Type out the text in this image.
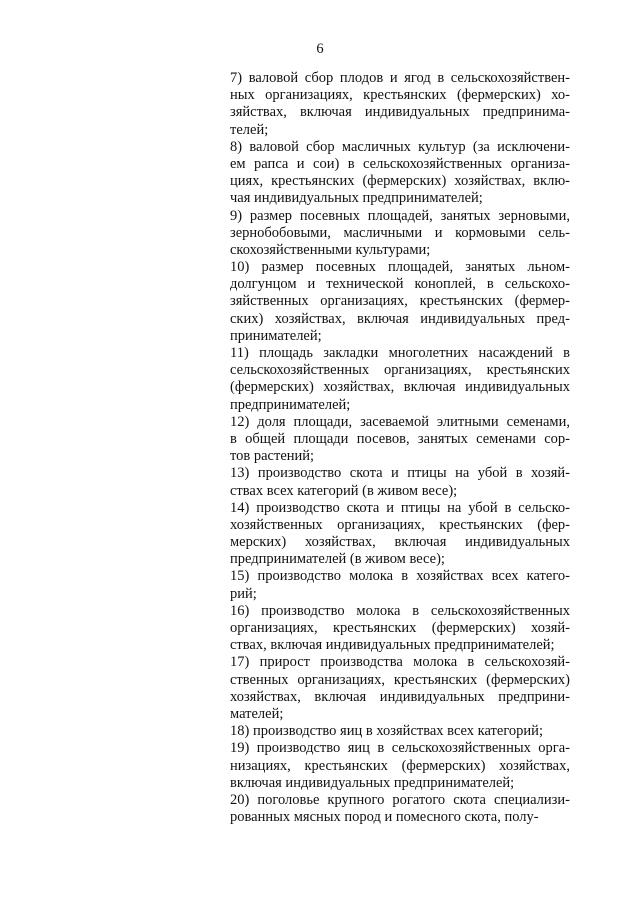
6
7) валовой сбор плодов и ягод в сельскохозяйствен-
ных организациях, крестьянских (фермерских) хо-
зяйствах, включая индивидуальных предпринима-
телей;
8) валовой сбор масличных культур (за исключени-
ем рапса и сои) в сельскохозяйственных организа-
циях, крестьянских (фермерских) хозяйствах, вклю-
чая индивидуальных предпринимателей;
9) размер посевных площадей, занятых зерновыми,
зернобобовыми, масличными и кормовыми сель-
скохозяйственными культурами;
10) размер посевных площадей, занятых льном-
долгунцом и технической коноплей, в сельскохо-
зяйственных организациях, крестьянских (фермер-
ских) хозяйствах, включая индивидуальных пред-
принимателей;
11) площадь закладки многолетних насаждений в
сельскохозяйственных организациях, крестьянских
(фермерских) хозяйствах, включая индивидуальных
предпринимателей;
12) доля площади, засеваемой элитными семенами,
в общей площади посевов, занятых семенами сор-
тов растений;
13) производство скота и птицы на убой в хозяй-
ствах всех категорий (в живом весе);
14) производство скота и птицы на убой в сельско-
хозяйственных организациях, крестьянских (фер-
мерских) хозяйствах, включая индивидуальных
предпринимателей (в живом весе);
15) производство молока в хозяйствах всех катего-
рий;
16) производство молока в сельскохозяйственных
организациях, крестьянских (фермерских) хозяй-
ствах, включая индивидуальных предпринимателей;
17) прирост производства молока в сельскохозяй-
ственных организациях, крестьянских (фермерских)
хозяйствах, включая индивидуальных предприни-
мателей;
18) производство яиц в хозяйствах всех категорий;
19) производство яиц в сельскохозяйственных орга-
низациях, крестьянских (фермерских) хозяйствах,
включая индивидуальных предпринимателей;
20) поголовье крупного рогатого скота специализи-
рованных мясных пород и помесного скота, полу-
